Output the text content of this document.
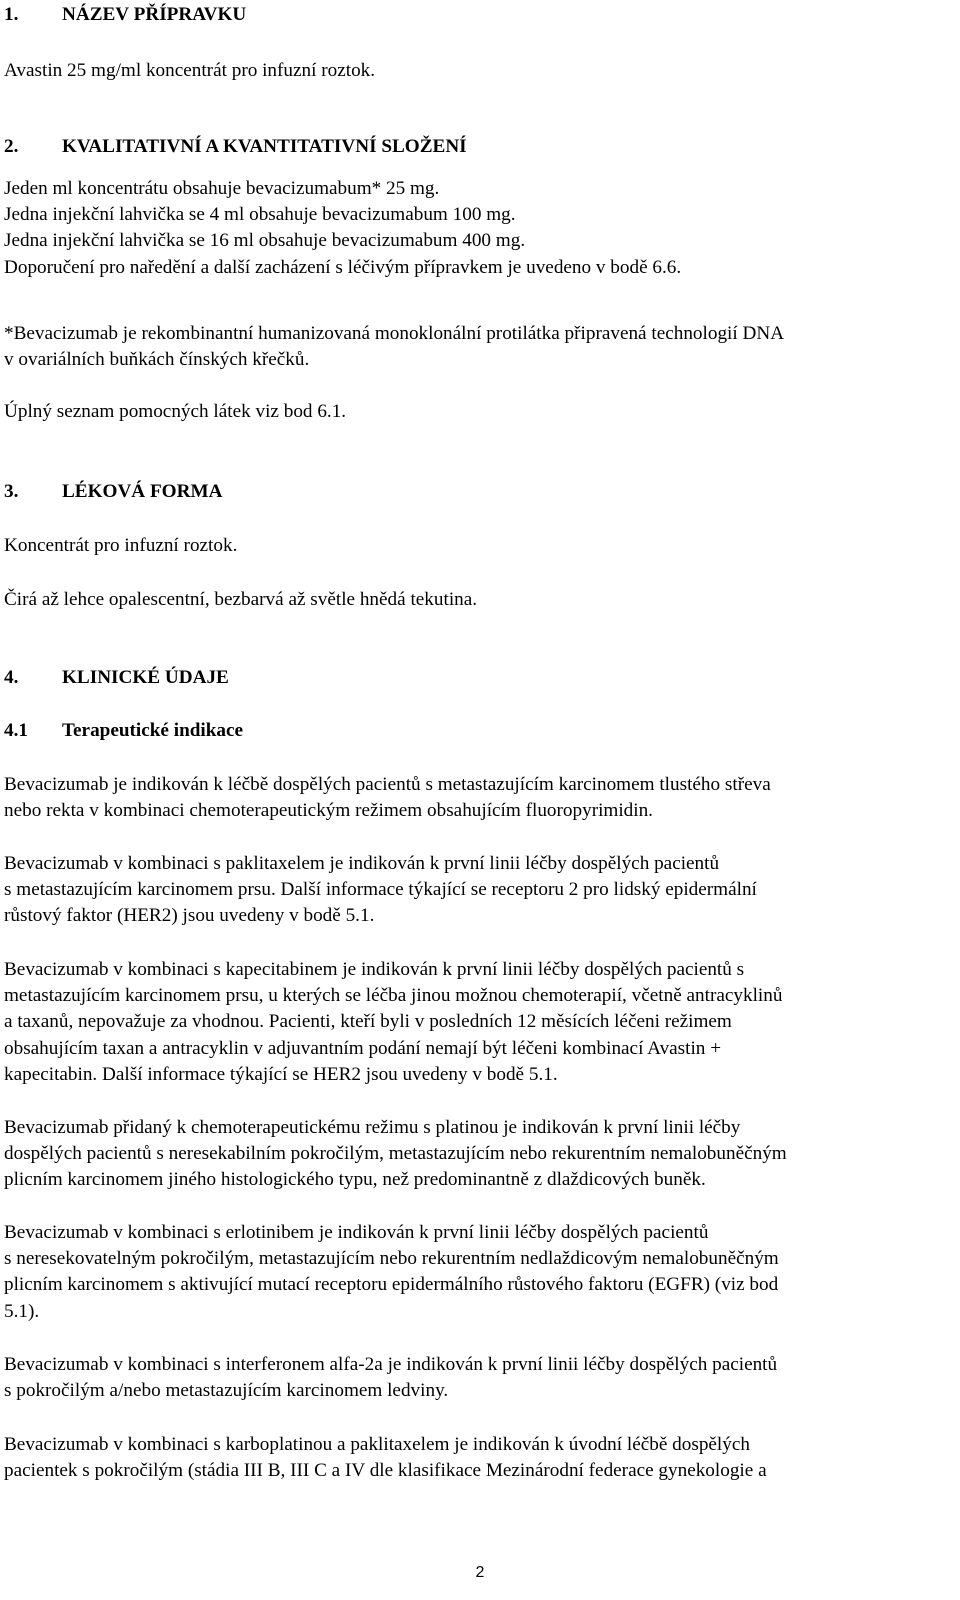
1. NÁZEV PŘÍPRAVKU

Avastin 25 mg/ml koncentrát pro infuzní roztok.

2. KVALITATIVNÍ A KVANTITATIVNÍ SLOŽENÍ

Jeden ml koncentrátu obsahuje bevacizumabum* 25 mg.
Jedna injekční lahvička se 4 ml obsahuje bevacizumabum 100 mg.
Jedna injekční lahvička se 16 ml obsahuje bevacizumabum 400 mg.
Doporučení pro naředění a další zacházení s léčivým přípravkem je uvedeno v bodě 6.6.

*Bevacizumab je rekombinantní humanizovaná monoklonální protilátka připravená technologií DNA
v ovariálních buňkách čínských křečků.

Úplný seznam pomocných látek viz bod 6.1.

3. LÉKOVÁ FORMA

Koncentrát pro infuzní roztok.

Čirá až lehce opalescentní, bezbarvá až světle hnědá tekutina.

4. KLINICKÉ ÚDAJE
4.1 Terapeutické indikace

Bevacizumab je indikován k léčbě dospělých pacientů s metastazujícím karcinomem tlustého střeva
nebo rekta v kombinaci chemoterapeutickým režimem obsahujícím fluoropyrimidin.

Bevacizumab v kombinaci s paklitaxelem je indikován k první linii léčby dospělých pacientů
s metastazujícím karcinomem prsu. Další informace týkající se receptoru 2 pro lidský epidermální
růstový faktor (HER2) jsou uvedeny v bodě 5.1.

Bevacizumab v kombinaci s kapecitabinem je indikován k první linii léčby dospělých pacientů s
metastazujícím karcinomem prsu, u kterých se léčba jinou možnou chemoterapií, včetně antracyklinů
a taxanů, nepovažuje za vhodnou. Pacienti, kteří byli v posledních 12 měsících léčeni režimem
obsahujícím taxan a antracyklin v adjuvantním podání nemají být léčeni kombinací Avastin +
kapecitabin. Další informace týkající se HER2 jsou uvedeny v bodě 5.1.

Bevacizumab přidaný k chemoterapeutickému režimu s platinou je indikován k první linii léčby
dospělých pacientů s neresekabilním pokročilým, metastazujícím nebo rekurentním nemalobuněčným
plicním karcinomem jiného histologického typu, než predominantně z dlaždicových buněk.

Bevacizumab v kombinaci s erlotinibem je indikován k první linii léčby dospělých pacientů
s neresekovatelným pokročilým, metastazujícím nebo rekurentním nedlaždicovým nemalobuněčným
plicním karcinomem s aktivující mutací receptoru epidermálního růstového faktoru (EGFR) (viz bod
5.1).

Bevacizumab v kombinaci s interferonem alfa-2a je indikován k první linii léčby dospělých pacientů
s pokročilým a/nebo metastazujícím karcinomem ledviny.

Bevacizumab v kombinaci s karboplatinou a paklitaxelem je indikován k úvodní léčbě dospělých
pacientek s pokročilým (stádia III B, III C a IV dle klasifikace Mezinárodní federace gynekologie a

2
